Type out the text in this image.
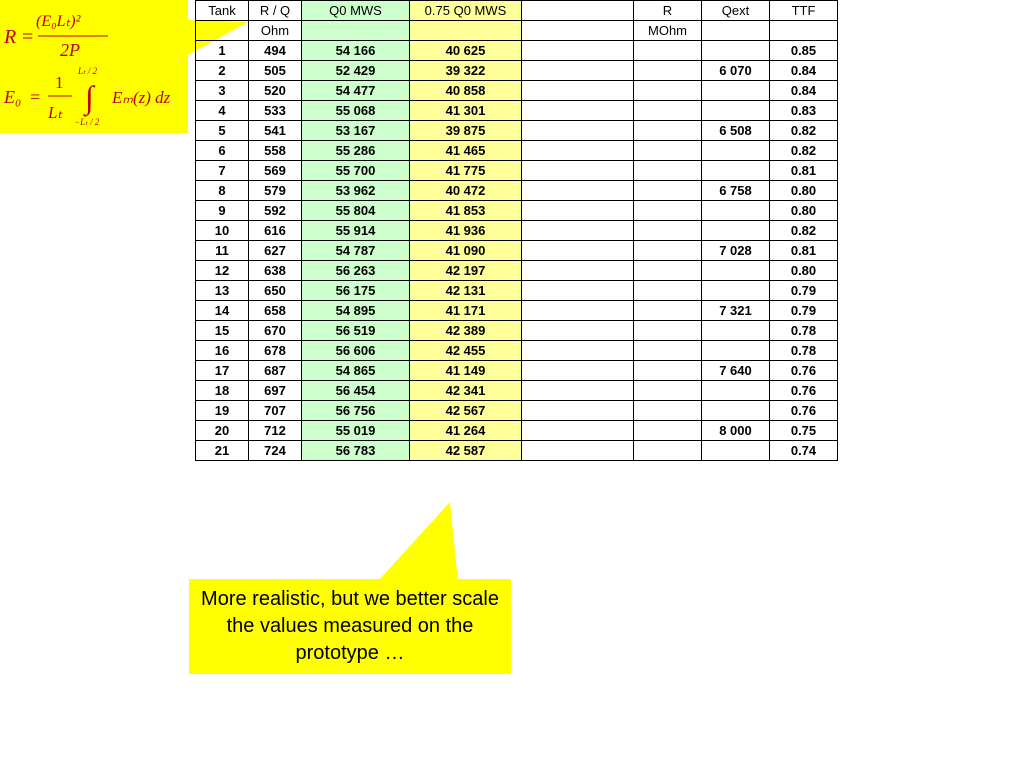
R =
(E₀Lₜ)²
2P
E₀ =
1
Lₜ
Lₜ / 2
∫
−Lₜ / 2
Eₘ(z) dz
Tank	R / Q	Q0 MWS	0.75 Q0 MWS		R	Qext	TTF
	Ohm				MOhm		
1	494	54 166	40 625				0.85
2	505	52 429	39 322			6 070	0.84
3	520	54 477	40 858				0.84
4	533	55 068	41 301				0.83
5	541	53 167	39 875			6 508	0.82
6	558	55 286	41 465				0.82
7	569	55 700	41 775				0.81
8	579	53 962	40 472			6 758	0.80
9	592	55 804	41 853				0.80
10	616	55 914	41 936				0.82
11	627	54 787	41 090			7 028	0.81
12	638	56 263	42 197				0.80
13	650	56 175	42 131				0.79
14	658	54 895	41 171			7 321	0.79
15	670	56 519	42 389				0.78
16	678	56 606	42 455				0.78
17	687	54 865	41 149			7 640	0.76
18	697	56 454	42 341				0.76
19	707	56 756	42 567				0.76
20	712	55 019	41 264			8 000	0.75
21	724	56 783	42 587				0.74
More realistic, but we better scale the values measured on the prototype …
